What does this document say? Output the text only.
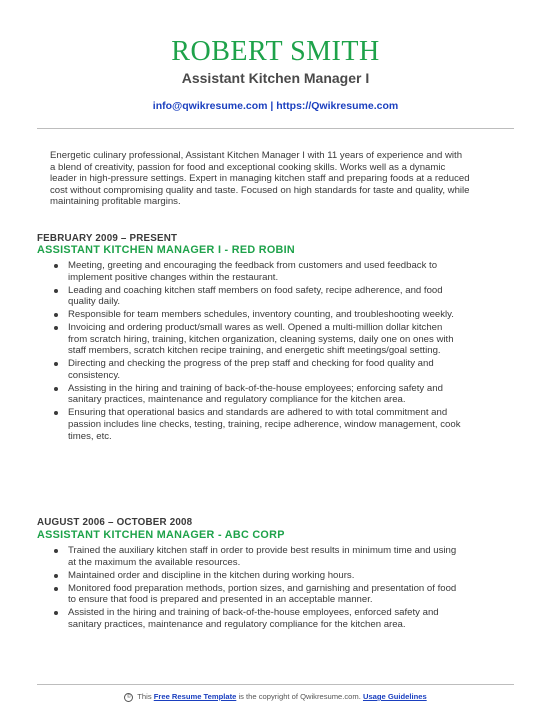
ROBERT SMITH
Assistant Kitchen Manager I
info@qwikresume.com | https://Qwikresume.com
Energetic culinary professional, Assistant Kitchen Manager I with 11 years of experience and with a blend of creativity, passion for food and exceptional cooking skills. Works well as a dynamic leader in high-pressure settings. Expert in managing kitchen staff and preparing foods at a reduced cost without compromising quality and taste. Focused on high standards for taste and quality, while maintaining profitable margins.
FEBRUARY 2009 – PRESENT
ASSISTANT KITCHEN MANAGER I - RED ROBIN
Meeting, greeting and encouraging the feedback from customers and used feedback to implement positive changes within the restaurant.
Leading and coaching kitchen staff members on food safety, recipe adherence, and food quality daily.
Responsible for team members schedules, inventory counting, and troubleshooting weekly.
Invoicing and ordering product/small wares as well. Opened a multi-million dollar kitchen from scratch hiring, training, kitchen organization, cleaning systems, daily one on ones with staff members, scratch kitchen recipe training, and energetic shift meetings/goal setting.
Directing and checking the progress of the prep staff and checking for food quality and consistency.
Assisting in the hiring and training of back-of-the-house employees; enforcing safety and sanitary practices, maintenance and regulatory compliance for the kitchen area.
Ensuring that operational basics and standards are adhered to with total commitment and passion includes line checks, testing, training, recipe adherence, window management, cook times, etc.
AUGUST 2006 – OCTOBER 2008
ASSISTANT KITCHEN MANAGER - ABC CORP
Trained the auxiliary kitchen staff in order to provide best results in minimum time and using at the maximum the available resources.
Maintained order and discipline in the kitchen during working hours.
Monitored food preparation methods, portion sizes, and garnishing and presentation of food to ensure that food is prepared and presented in an acceptable manner.
Assisted in the hiring and training of back-of-the-house employees, enforced safety and sanitary practices, maintenance and regulatory compliance for the kitchen area.
© This Free Resume Template is the copyright of Qwikresume.com. Usage Guidelines
